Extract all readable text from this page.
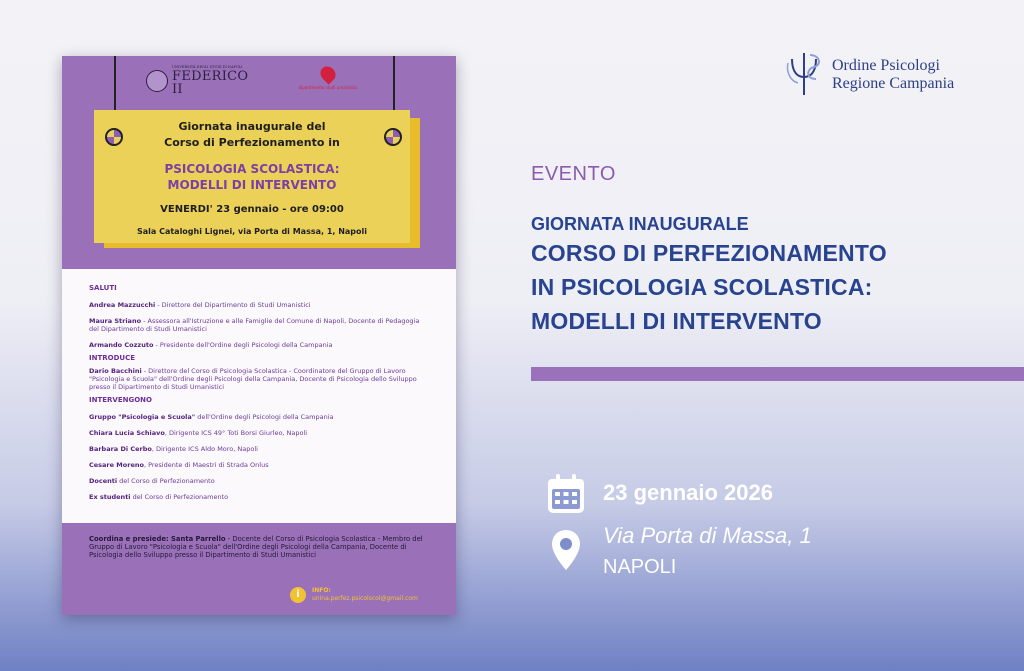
UNIVERSITÀ DEGLI STUDI DI NAPOLI
FEDERICO II	dipartimento studi umanistici
Giornata inaugurale del
Corso di Perfezionamento in
PSICOLOGIA SCOLASTICA:
MODELLI DI INTERVENTO
VENERDI' 23 gennaio - ore 09:00
Sala Cataloghi Lignei, via Porta di Massa, 1, Napoli
SALUTI
Andrea Mazzucchi - Direttore del Dipartimento di Studi Umanistici
Maura Striano - Assessora all'Istruzione e alle Famiglie del Comune di Napoli, Docente di Pedagogia del Dipartimento di Studi Umanistici
Armando Cozzuto - Presidente dell'Ordine degli Psicologi della Campania
INTRODUCE
Dario Bacchini - Direttore del Corso di Psicologia Scolastica - Coordinatore del Gruppo di Lavoro "Psicologia e Scuola" dell'Ordine degli Psicologi della Campania, Docente di Psicologia dello Sviluppo presso il Dipartimento di Studi Umanistici
INTERVENGONO
Gruppo "Psicologia e Scuola" dell'Ordine degli Psicologi della Campania
Chiara Lucia Schiavo, Dirigente ICS 49° Toti Borsi Giurleo, Napoli
Barbara Di Cerbo, Dirigente ICS Aldo Moro, Napoli
Cesare Moreno, Presidente di Maestri di Strada Onlus
Docenti del Corso di Perfezionamento
Ex studenti del Corso di Perfezionamento
Coordina e presiede: Santa Parrello - Docente del Corso di Psicologia Scolastica - Membro del Gruppo di Lavoro "Psicologia e Scuola" dell'Ordine degli Psicologi della Campania, Docente di Psicologia dello Sviluppo presso il Dipartimento di Studi Umanistici
i	INFO:
unina.perfez.psicolscol@gmail.com
Ordine Psicologi
Regione Campania
EVENTO
GIORNATA INAUGURALE
CORSO DI PERFEZIONAMENTO
IN PSICOLOGIA SCOLASTICA:
MODELLI DI INTERVENTO
23 gennaio 2026
Via Porta di Massa, 1
NAPOLI
